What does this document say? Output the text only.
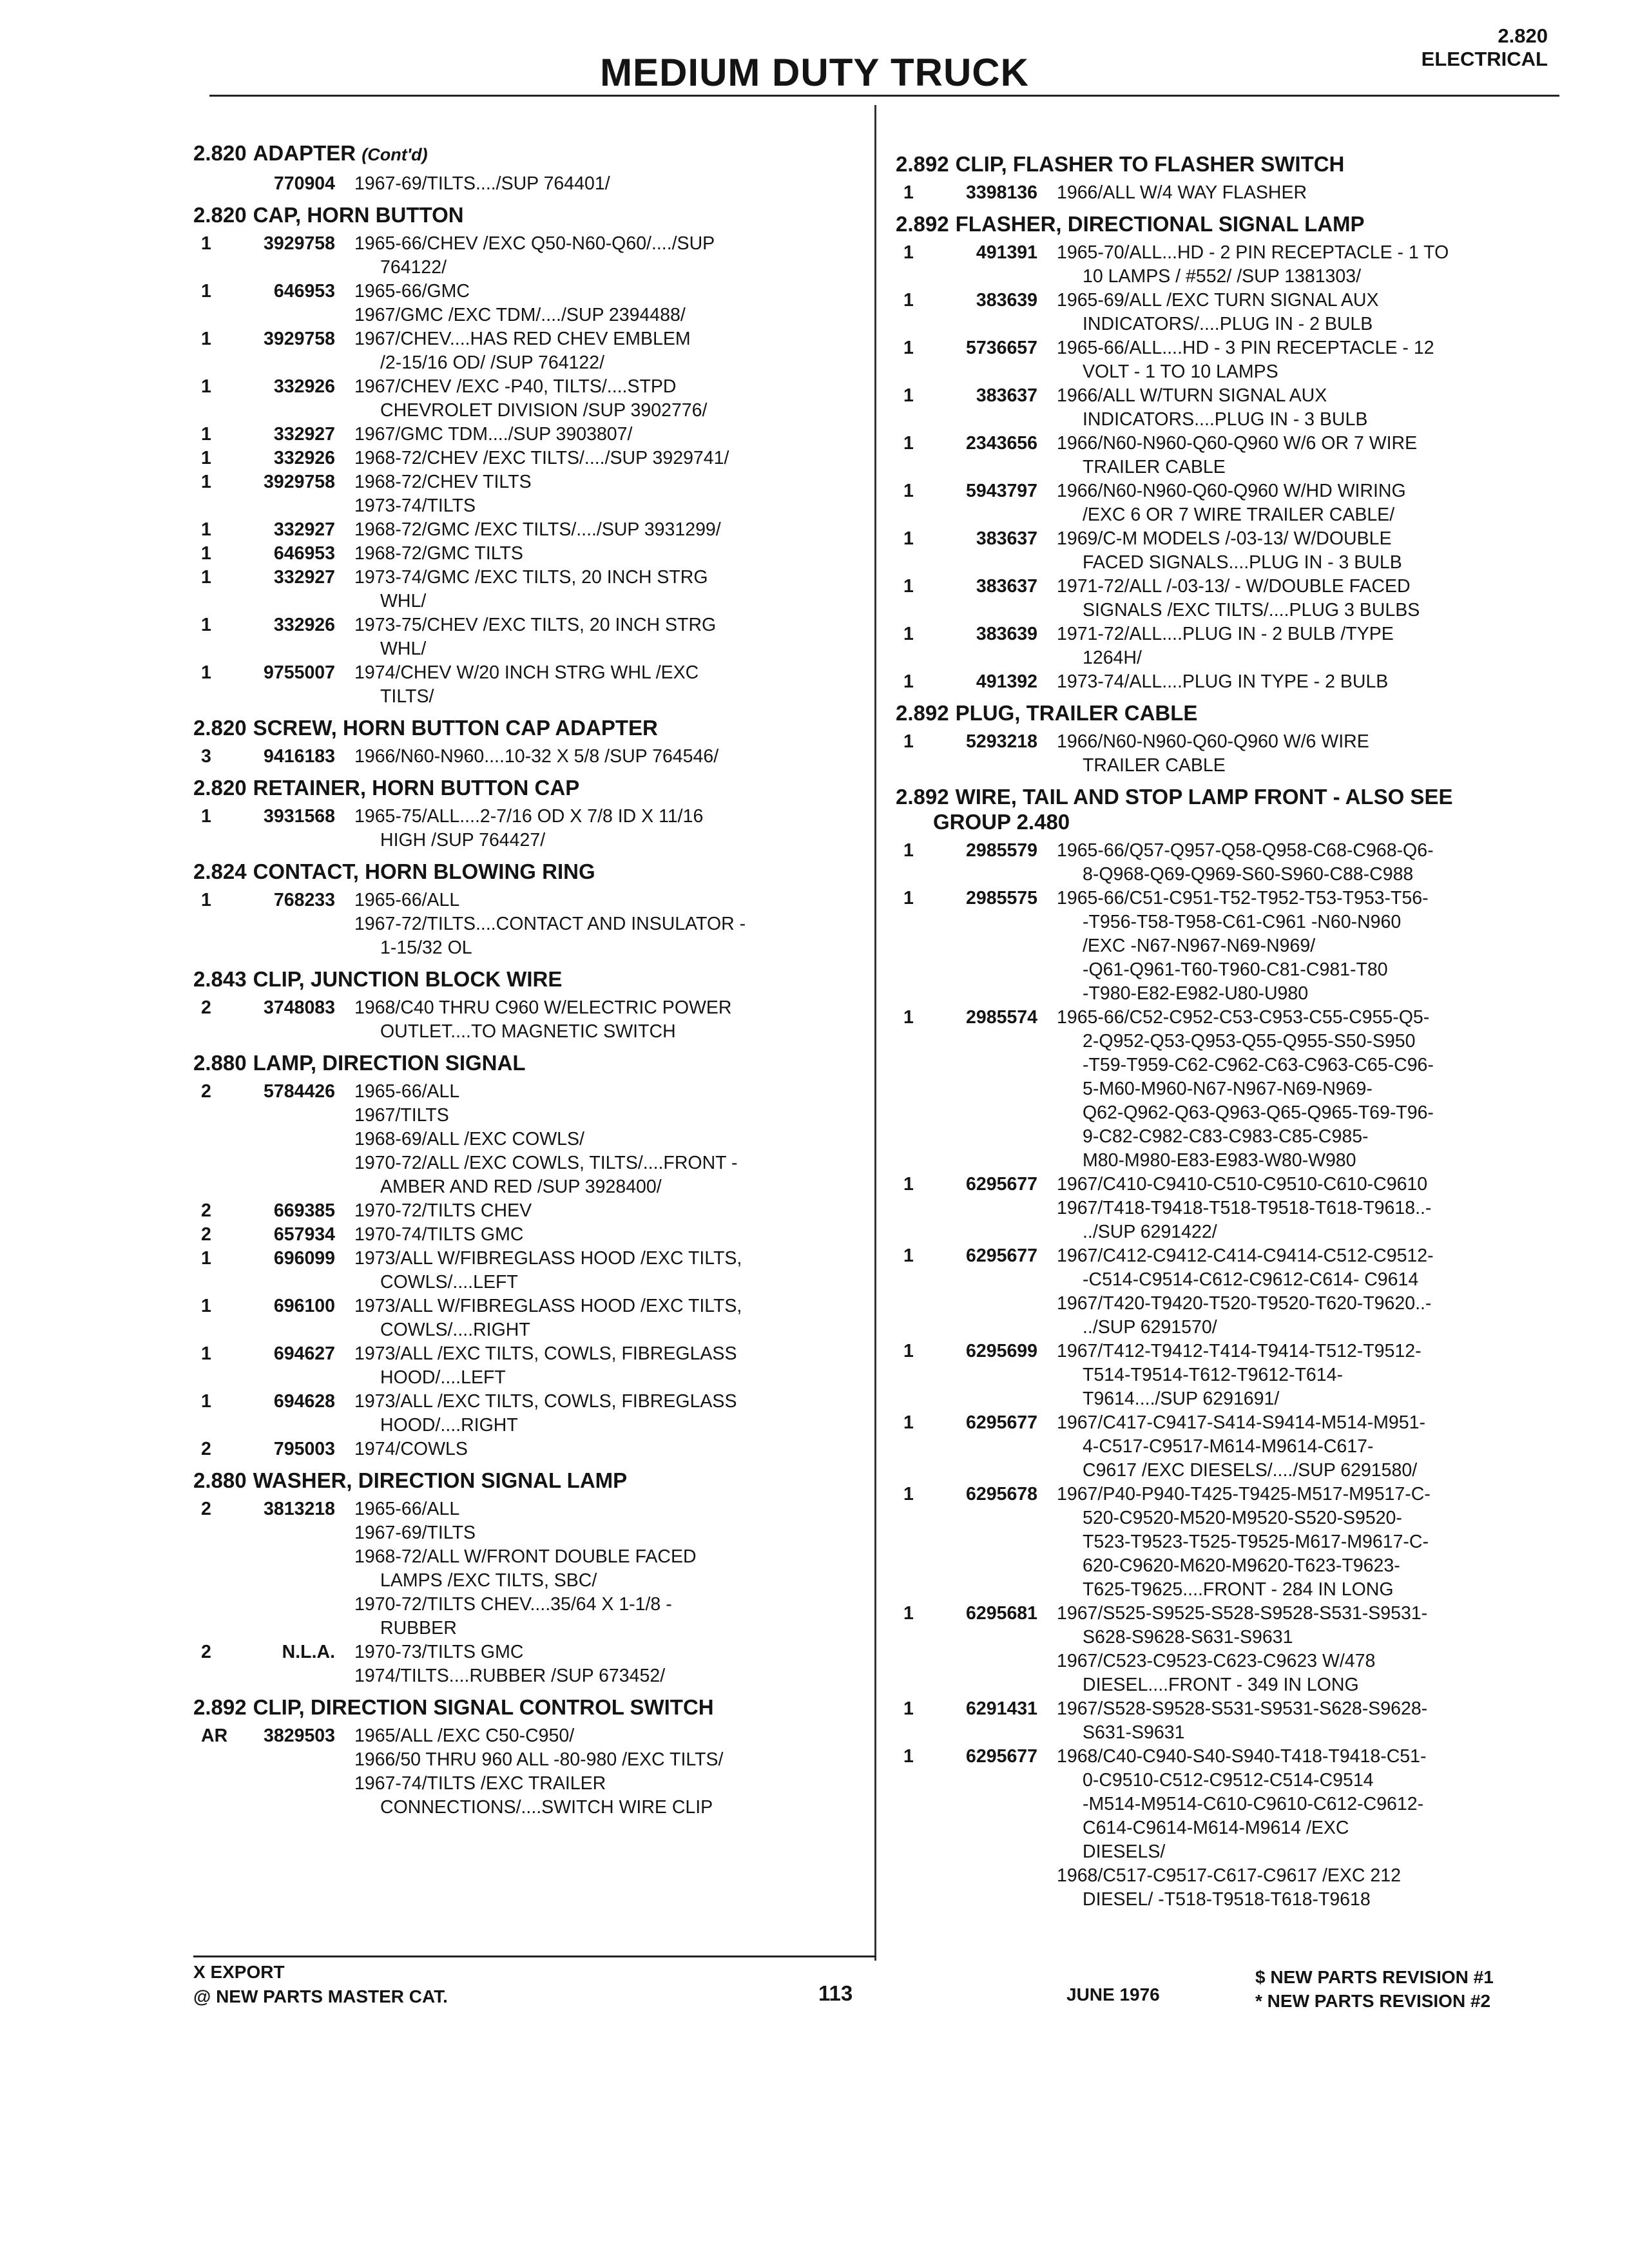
2.820
ELECTRICAL
MEDIUM DUTY TRUCK
2.820 ADAPTER (Cont'd)
770904	1967-69/TILTS..../SUP 764401/
2.820 CAP, HORN BUTTON
1	3929758	1965-66/CHEV /EXC Q50-N60-Q60/..../SUP
764122/
1	646953	1965-66/GMC
1967/GMC /EXC TDM/..../SUP 2394488/
1	3929758	1967/CHEV....HAS RED CHEV EMBLEM
/2-15/16 OD/ /SUP 764122/
1	332926	1967/CHEV /EXC -P40, TILTS/....STPD
CHEVROLET DIVISION /SUP 3902776/
1	332927	1967/GMC TDM..../SUP 3903807/
1	332926	1968-72/CHEV /EXC TILTS/..../SUP 3929741/
1	3929758	1968-72/CHEV TILTS
1973-74/TILTS
1	332927	1968-72/GMC /EXC TILTS/..../SUP 3931299/
1	646953	1968-72/GMC TILTS
1	332927	1973-74/GMC /EXC TILTS, 20 INCH STRG
WHL/
1	332926	1973-75/CHEV /EXC TILTS, 20 INCH STRG
WHL/
1	9755007	1974/CHEV W/20 INCH STRG WHL /EXC
TILTS/
2.820 SCREW, HORN BUTTON CAP ADAPTER
3	9416183	1966/N60-N960....10-32 X 5/8 /SUP 764546/
2.820 RETAINER, HORN BUTTON CAP
1	3931568	1965-75/ALL....2-7/16 OD X 7/8 ID X 11/16
HIGH /SUP 764427/
2.824 CONTACT, HORN BLOWING RING
1	768233	1965-66/ALL
1967-72/TILTS....CONTACT AND INSULATOR -
1-15/32 OL
2.843 CLIP, JUNCTION BLOCK WIRE
2	3748083	1968/C40 THRU C960 W/ELECTRIC POWER
OUTLET....TO MAGNETIC SWITCH
2.880 LAMP, DIRECTION SIGNAL
2	5784426	1965-66/ALL
1967/TILTS
1968-69/ALL /EXC COWLS/
1970-72/ALL /EXC COWLS, TILTS/....FRONT -
AMBER AND RED /SUP 3928400/
2	669385	1970-72/TILTS CHEV
2	657934	1970-74/TILTS GMC
1	696099	1973/ALL W/FIBREGLASS HOOD /EXC TILTS,
COWLS/....LEFT
1	696100	1973/ALL W/FIBREGLASS HOOD /EXC TILTS,
COWLS/....RIGHT
1	694627	1973/ALL /EXC TILTS, COWLS, FIBREGLASS
HOOD/....LEFT
1	694628	1973/ALL /EXC TILTS, COWLS, FIBREGLASS
HOOD/....RIGHT
2	795003	1974/COWLS
2.880 WASHER, DIRECTION SIGNAL LAMP
2	3813218	1965-66/ALL
1967-69/TILTS
1968-72/ALL W/FRONT DOUBLE FACED
LAMPS /EXC TILTS, SBC/
1970-72/TILTS CHEV....35/64 X 1-1/8 -
RUBBER
2	N.L.A.	1970-73/TILTS GMC
1974/TILTS....RUBBER /SUP 673452/
2.892 CLIP, DIRECTION SIGNAL CONTROL SWITCH
AR	3829503	1965/ALL /EXC C50-C950/
1966/50 THRU 960 ALL -80-980 /EXC TILTS/
1967-74/TILTS /EXC TRAILER
CONNECTIONS/....SWITCH WIRE CLIP
2.892 CLIP, FLASHER TO FLASHER SWITCH
1	3398136	1966/ALL W/4 WAY FLASHER
2.892 FLASHER, DIRECTIONAL SIGNAL LAMP
1	491391	1965-70/ALL...HD - 2 PIN RECEPTACLE - 1 TO
10 LAMPS / #552/ /SUP 1381303/
1	383639	1965-69/ALL /EXC TURN SIGNAL AUX
INDICATORS/....PLUG IN - 2 BULB
1	5736657	1965-66/ALL....HD - 3 PIN RECEPTACLE - 12
VOLT - 1 TO 10 LAMPS
1	383637	1966/ALL W/TURN SIGNAL AUX
INDICATORS....PLUG IN - 3 BULB
1	2343656	1966/N60-N960-Q60-Q960 W/6 OR 7 WIRE
TRAILER CABLE
1	5943797	1966/N60-N960-Q60-Q960 W/HD WIRING
/EXC 6 OR 7 WIRE TRAILER CABLE/
1	383637	1969/C-M MODELS /-03-13/ W/DOUBLE
FACED SIGNALS....PLUG IN - 3 BULB
1	383637	1971-72/ALL /-03-13/ - W/DOUBLE FACED
SIGNALS /EXC TILTS/....PLUG 3 BULBS
1	383639	1971-72/ALL....PLUG IN - 2 BULB /TYPE
1264H/
1	491392	1973-74/ALL....PLUG IN TYPE - 2 BULB
2.892 PLUG, TRAILER CABLE
1	5293218	1966/N60-N960-Q60-Q960 W/6 WIRE
TRAILER CABLE
2.892 WIRE, TAIL AND STOP LAMP FRONT - ALSO SEE
GROUP 2.480
1	2985579	1965-66/Q57-Q957-Q58-Q958-C68-C968-Q6-
8-Q968-Q69-Q969-S60-S960-C88-C988
1	2985575	1965-66/C51-C951-T52-T952-T53-T953-T56-
-T956-T58-T958-C61-C961 -N60-N960
/EXC -N67-N967-N69-N969/
-Q61-Q961-T60-T960-C81-C981-T80
-T980-E82-E982-U80-U980
1	2985574	1965-66/C52-C952-C53-C953-C55-C955-Q5-
2-Q952-Q53-Q953-Q55-Q955-S50-S950
-T59-T959-C62-C962-C63-C963-C65-C96-
5-M60-M960-N67-N967-N69-N969-
Q62-Q962-Q63-Q963-Q65-Q965-T69-T96-
9-C82-C982-C83-C983-C85-C985-
M80-M980-E83-E983-W80-W980
1	6295677	1967/C410-C9410-C510-C9510-C610-C9610
1967/T418-T9418-T518-T9518-T618-T9618..-
../SUP 6291422/
1	6295677	1967/C412-C9412-C414-C9414-C512-C9512-
-C514-C9514-C612-C9612-C614- C9614
1967/T420-T9420-T520-T9520-T620-T9620..-
../SUP 6291570/
1	6295699	1967/T412-T9412-T414-T9414-T512-T9512-
T514-T9514-T612-T9612-T614-
T9614..../SUP 6291691/
1	6295677	1967/C417-C9417-S414-S9414-M514-M951-
4-C517-C9517-M614-M9614-C617-
C9617 /EXC DIESELS/..../SUP 6291580/
1	6295678	1967/P40-P940-T425-T9425-M517-M9517-C-
520-C9520-M520-M9520-S520-S9520-
T523-T9523-T525-T9525-M617-M9617-C-
620-C9620-M620-M9620-T623-T9623-
T625-T9625....FRONT - 284 IN LONG
1	6295681	1967/S525-S9525-S528-S9528-S531-S9531-
S628-S9628-S631-S9631
1967/C523-C9523-C623-C9623 W/478
DIESEL....FRONT - 349 IN LONG
1	6291431	1967/S528-S9528-S531-S9531-S628-S9628-
S631-S9631
1	6295677	1968/C40-C940-S40-S940-T418-T9418-C51-
0-C9510-C512-C9512-C514-C9514
-M514-M9514-C610-C9610-C612-C9612-
C614-C9614-M614-M9614 /EXC
DIESELS/
1968/C517-C9517-C617-C9617 /EXC 212
DIESEL/ -T518-T9518-T618-T9618
X EXPORT
@ NEW PARTS MASTER CAT.	113	JUNE 1976
$ NEW PARTS REVISION #1
* NEW PARTS REVISION #2
